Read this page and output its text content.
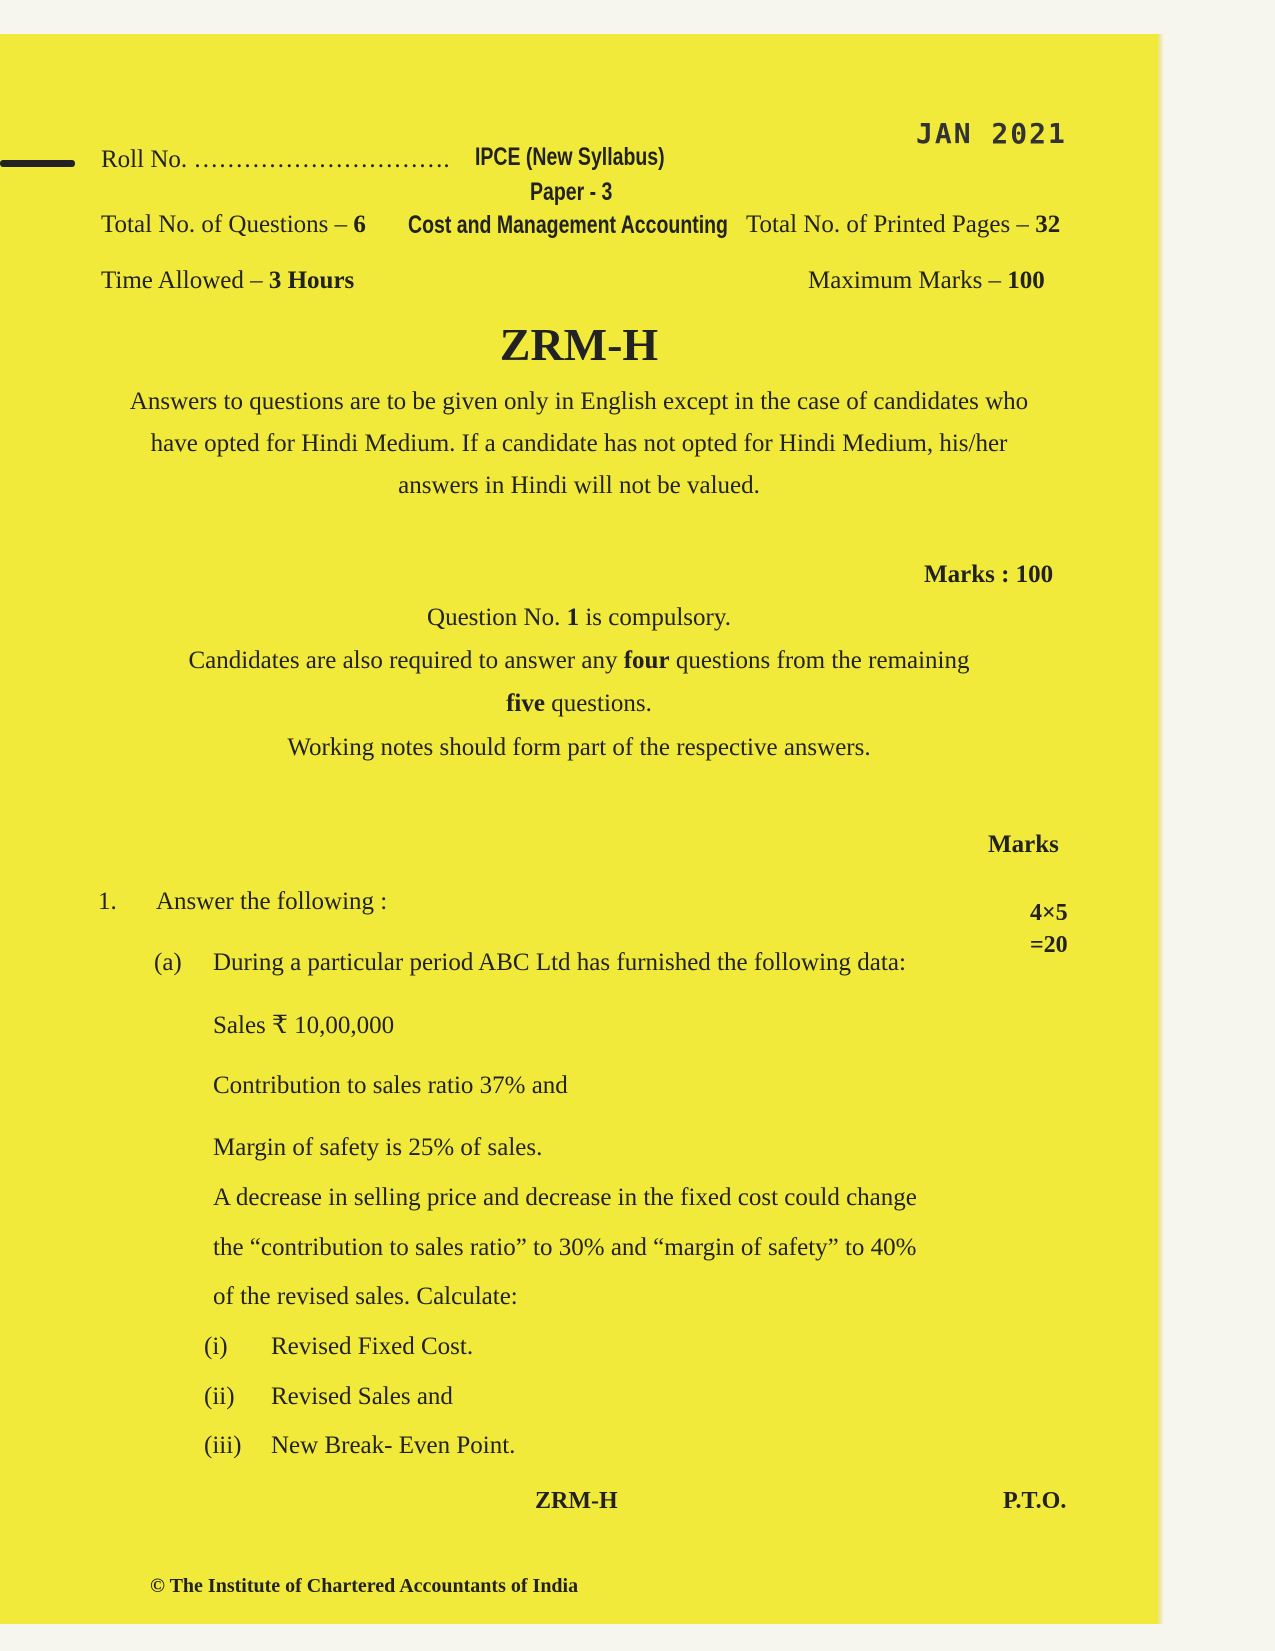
JAN 2021
Roll No. …………………………. IPCE (New Syllabus)
Paper - 3
Total No. of Questions – 6 Cost and Management Accounting Total No. of Printed Pages – 32
Time Allowed – 3 Hours	Maximum Marks – 100
ZRM-H
Answers to questions are to be given only in English except in the case of candidates who
have opted for Hindi Medium. If a candidate has not opted for Hindi Medium, his/her
answers in Hindi will not be valued.
Marks : 100
Question No. 1 is compulsory.
Candidates are also required to answer any four questions from the remaining
five questions.
Working notes should form part of the respective answers.
Marks
1. Answer the following :	4×5
=20
(a) During a particular period ABC Ltd has furnished the following data:
Sales ₹ 10,00,000
Contribution to sales ratio 37% and
Margin of safety is 25% of sales.
A decrease in selling price and decrease in the fixed cost could change
the “contribution to sales ratio” to 30% and “margin of safety” to 40%
of the revised sales. Calculate:
(i) Revised Fixed Cost.
(ii) Revised Sales and
(iii) New Break- Even Point.
ZRM-H	P.T.O.
© The Institute of Chartered Accountants of India
